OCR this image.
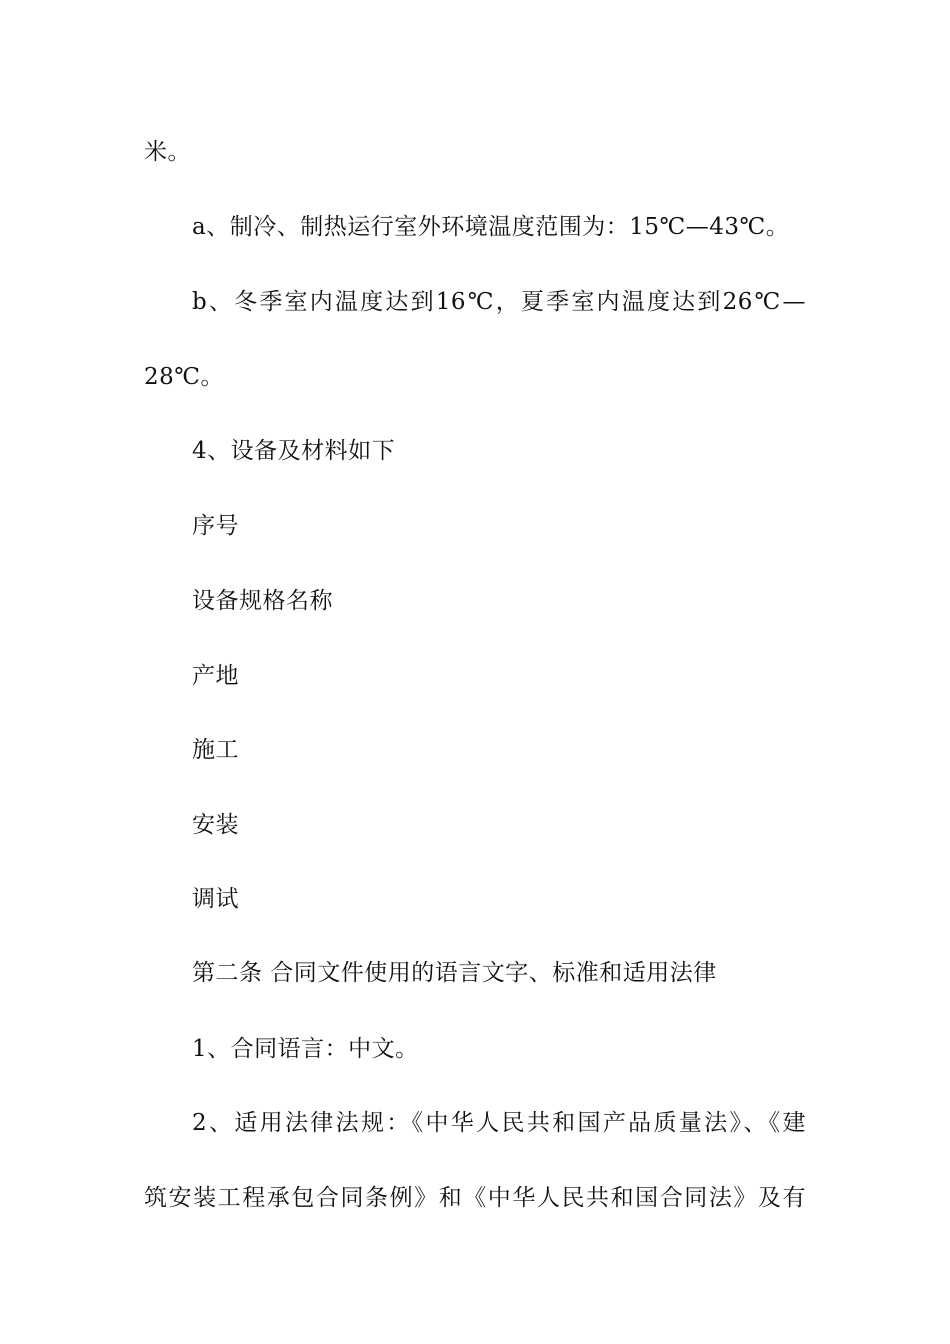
米。
a、制冷、制热运行室外环境温度范围为：15℃—43℃。
b、冬季室内温度达到16℃，夏季室内温度达到26℃—
28℃。
4、设备及材料如下
序号
设备规格名称
产地
施工
安装
调试
第二条 合同文件使用的语言文字、标准和适用法律
1、合同语言：中文。
2、适用法律法规：《中华人民共和国产品质量法》、《建
筑安装工程承包合同条例》和《中华人民共和国合同法》及有
